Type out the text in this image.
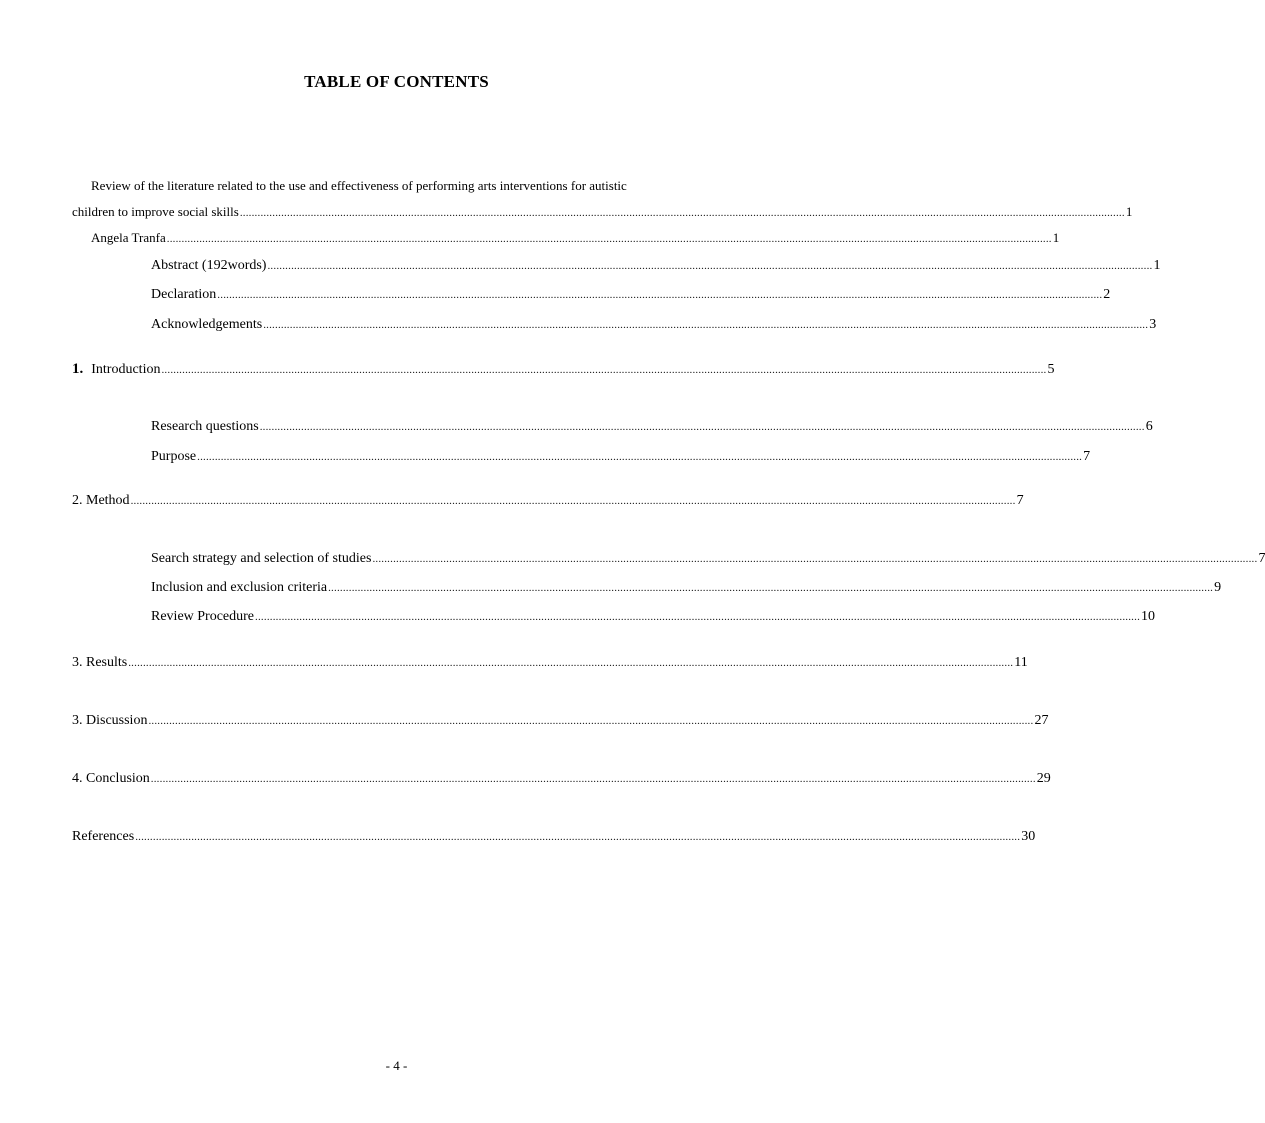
TABLE OF CONTENTS
Review of the literature related to the use and effectiveness of performing arts interventions for autistic
children to improve social skills ............................................................................................................................................................................................................................................................................................................ 1
Angela Tranfa ............................................................................................................................................................................................................................................................................................................ 1
Abstract (192words) ............................................................................................................................................................................................................................................................................................................ 1
Declaration ............................................................................................................................................................................................................................................................................................................ 2
Acknowledgements ............................................................................................................................................................................................................................................................................................................ 3
1. Introduction ............................................................................................................................................................................................................................................................................................................ 5
Research questions ............................................................................................................................................................................................................................................................................................................ 6
Purpose ............................................................................................................................................................................................................................................................................................................ 7
2. Method ............................................................................................................................................................................................................................................................................................................ 7
Search strategy and selection of studies ............................................................................................................................................................................................................................................................................................................ 7
Inclusion and exclusion criteria ............................................................................................................................................................................................................................................................................................................ 9
Review Procedure ............................................................................................................................................................................................................................................................................................................ 10
3. Results ............................................................................................................................................................................................................................................................................................................ 11
3. Discussion ............................................................................................................................................................................................................................................................................................................ 27
4. Conclusion ............................................................................................................................................................................................................................................................................................................ 29
References ............................................................................................................................................................................................................................................................................................................ 30
- 4 -
